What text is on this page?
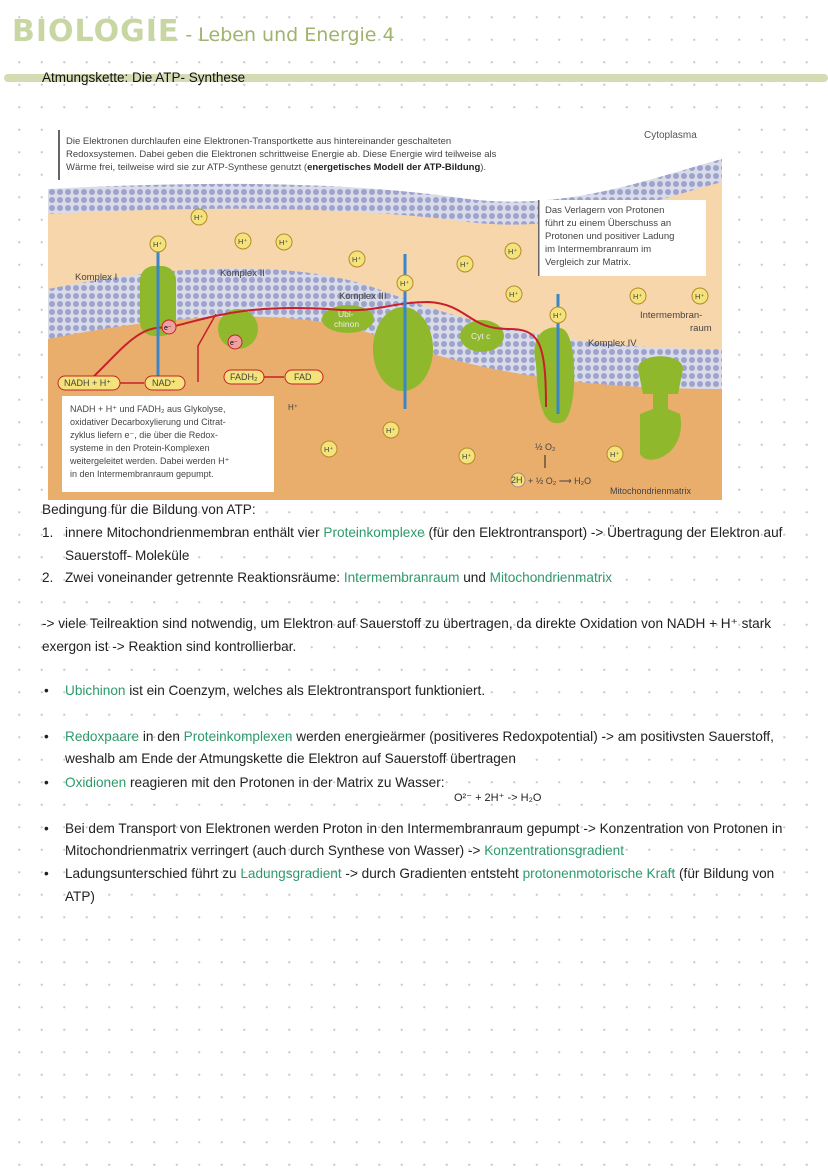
BIOLOGIE - Leben und Energie 4
Atmungskette: Die ATP- Synthese
Die Elektronen durchlaufen eine Elektronen-Transportkette aus hintereinander geschalteten
Redoxsystemen. Dabei geben die Elektronen schrittweise Energie ab. Diese Energie wird teilweise als
Wärme frei, teilweise wird sie zur ATP-Synthese genutzt (energetisches Modell der ATP-Bildung).
Cytoplasma
Das Verlagern von Protonen
führt zu einem Überschuss an
Protonen und positiver Ladung
im Intermembranraum im
Vergleich zur Matrix.
Komplex I	Komplex II
Komplex III
Komplex IV
Ubi-
chinon
Cyt c
Intermembran-
raum
H⁺
e⁻
e⁻
H⁺
H⁺
H⁺	H⁺
H⁺
H⁺
H⁺
H⁺
H⁺
H⁺
H⁺	H⁺
H⁺
H⁺
H⁺	H⁺
NADH + H⁺	NAD⁺
FADH₂	FAD
NADH + H⁺ und FADH₂ aus Glykolyse,
oxidativer Decarboxylierung und Citrat-
zyklus liefern e⁻, die über die Redox-
systeme in den Protein-Komplexen
weitergeleitet werden. Dabei werden H⁺
in den Intermembranraum gepumpt.
½ O₂
2H + ½ O₂ ⟶ H₂O
Mitochondrienmatrix
Bedingung für die Bildung von ATP:
1. innere Mitochondrienmembran enthält vier Proteinkomplexe (für den Elektrontransport) -> Übertragung der Elektron auf
Sauerstoff- Moleküle
2. Zwei voneinander getrennte Reaktionsräume: Intermembranraum und Mitochondrienmatrix
-> viele Teilreaktion sind notwendig, um Elektron auf Sauerstoff zu übertragen, da direkte Oxidation von NADH + H⁺ stark
exergon ist -> Reaktion sind kontrollierbar.
• Ubichinon ist ein Coenzym, welches als Elektrontransport funktioniert.
• Redoxpaare in den Proteinkomplexen werden energieärmer (positiveres Redoxpotential) -> am positivsten Sauerstoff,
weshalb am Ende der Atmungskette die Elektron auf Sauerstoff übertragen
• Oxidionen reagieren mit den Protonen in der Matrix zu Wasser:
O²⁻ + 2H⁺ -> H₂O
• Bei dem Transport von Elektronen werden Proton in den Intermembranraum gepumpt -> Konzentration von Protonen in
Mitochondrienmatrix verringert (auch durch Synthese von Wasser) -> Konzentrationsgradient
• Ladungsunterschied führt zu Ladungsgradient -> durch Gradienten entsteht protonenmotorische Kraft (für Bildung von
ATP)
